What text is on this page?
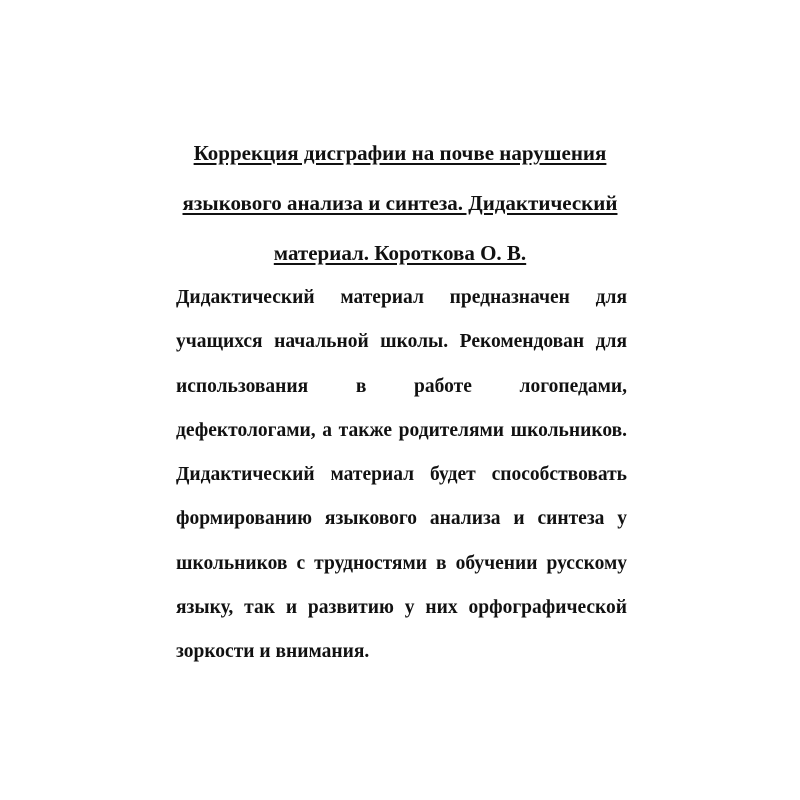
Коррекция дисграфии на почве нарушения
языкового анализа и синтеза. Дидактический
материал. Короткова О. В.
Дидактический материал предназначен для
учащихся начальной школы. Рекомендован для
использования в работе логопедами,
дефектологами, а также родителями школьников.
Дидактический материал будет способствовать
формированию языкового анализа и синтеза у
школьников с трудностями в обучении русскому
языку, так и развитию у них орфографической
зоркости и внимания.
